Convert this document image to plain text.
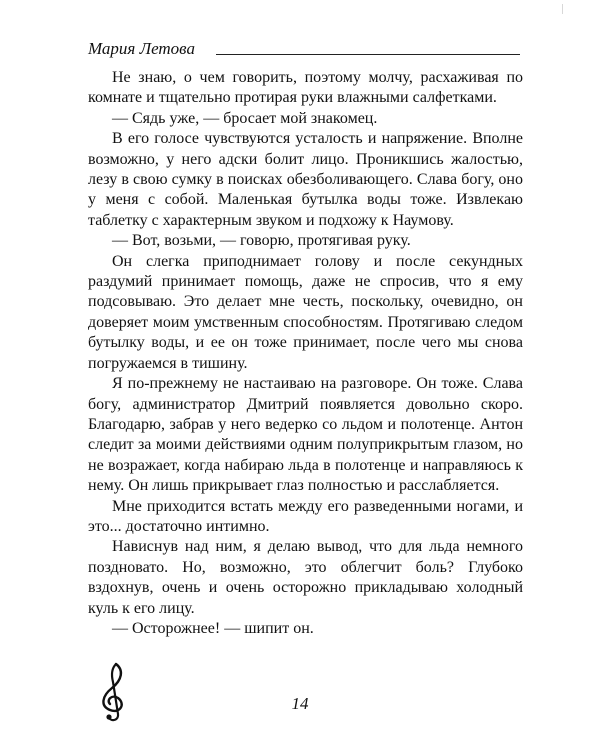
Мария Летова

Не знаю, о чем говорить, поэтому молчу, расхаживая по комнате и тщательно протирая руки влажными салфетками.

— Сядь уже, — бросает мой знакомец.

В его голосе чувствуются усталость и напряжение. Вполне возможно, у него адски болит лицо. Проникшись жалостью, лезу в свою сумку в поисках обезболивающего. Слава богу, оно у меня с собой. Маленькая бутылка воды тоже. Извлекаю таблетку с характерным звуком и подхожу к Наумову.

— Вот, возьми, — говорю, протягивая руку.

Он слегка приподнимает голову и после секундных раздумий принимает помощь, даже не спросив, что я ему подсовываю. Это делает мне честь, поскольку, очевидно, он доверяет моим умственным способностям. Протягиваю следом бутылку воды, и ее он тоже принимает, после чего мы снова погружаемся в тишину.

Я по-прежнему не настаиваю на разговоре. Он тоже. Слава богу, администратор Дмитрий появляется довольно скоро. Благодарю, забрав у него ведерко со льдом и полотенце. Антон следит за моими действиями одним полуприкрытым глазом, но не возражает, когда набираю льда в полотенце и направляюсь к нему. Он лишь прикрывает глаз полностью и расслабляется.

Мне приходится встать между его разведенными ногами, и это... достаточно интимно.

Нависнув над ним, я делаю вывод, что для льда немного поздновато. Но, возможно, это облегчит боль? Глубоко вздохнув, очень и очень осторожно прикладываю холодный куль к его лицу.

— Осторожнее! — шипит он.

14
